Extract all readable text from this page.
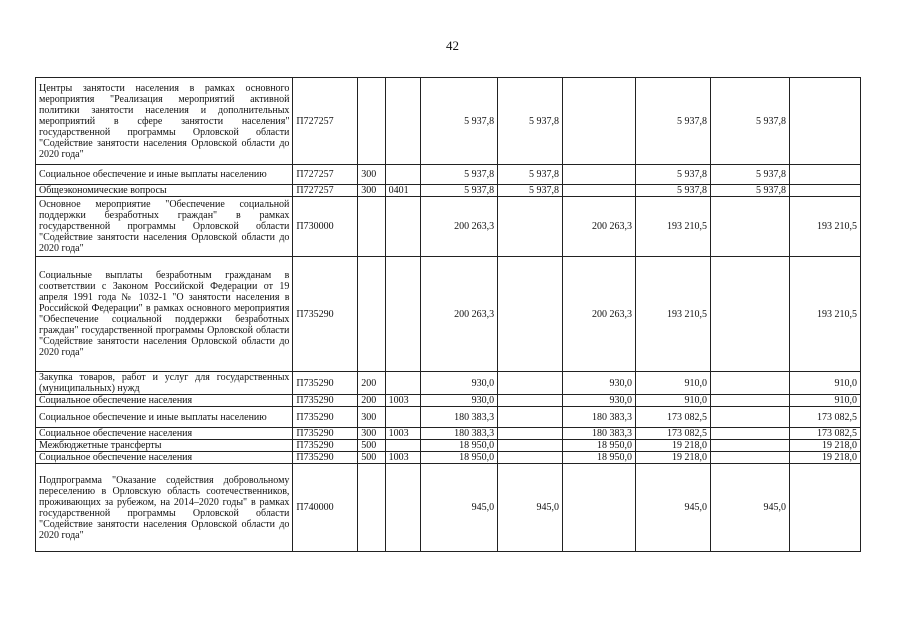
42
Центры занятости населения в рамках основного мероприятия "Реализация мероприятий активной политики занятости населения и дополнительных мероприятий в сфере занятости населения" государственной программы Орловской области "Содействие занятости населения Орловской области до 2020 года"	П727257			5 937,8	5 937,8		5 937,8	5 937,8	
Социальное обеспечение и иные выплаты населению	П727257	300		5 937,8	5 937,8		5 937,8	5 937,8	
Общеэкономические вопросы	П727257	300	0401	5 937,8	5 937,8		5 937,8	5 937,8	
Основное мероприятие "Обеспечение социальной поддержки безработных граждан" в рамках государственной программы Орловской области "Содействие занятости населения Орловской области до 2020 года"	П730000			200 263,3		200 263,3	193 210,5		193 210,5
Социальные выплаты безработным гражданам в соответствии с Законом Российской Федерации от 19 апреля 1991 года № 1032-1 "О занятости населения в Российской Федерации" в рамках основного мероприятия "Обеспечение социальной поддержки безработных граждан" государственной программы Орловской области "Содействие занятости населения Орловской области до 2020 года"	П735290			200 263,3		200 263,3	193 210,5		193 210,5
Закупка товаров, работ и услуг для государственных (муниципальных) нужд	П735290	200		930,0		930,0	910,0		910,0
Социальное обеспечение населения	П735290	200	1003	930,0		930,0	910,0		910,0
Социальное обеспечение и иные выплаты населению	П735290	300		180 383,3		180 383,3	173 082,5		173 082,5
Социальное обеспечение населения	П735290	300	1003	180 383,3		180 383,3	173 082,5		173 082,5
Межбюджетные трансферты	П735290	500		18 950,0		18 950,0	19 218,0		19 218,0
Социальное обеспечение населения	П735290	500	1003	18 950,0		18 950,0	19 218,0		19 218,0
Подпрограмма "Оказание содействия добровольному переселению в Орловскую область соотечественников, проживающих за рубежом, на 2014–2020 годы" в рамках государственной программы Орловской области "Содействие занятости населения Орловской области до 2020 года"	П740000			945,0	945,0		945,0	945,0	
